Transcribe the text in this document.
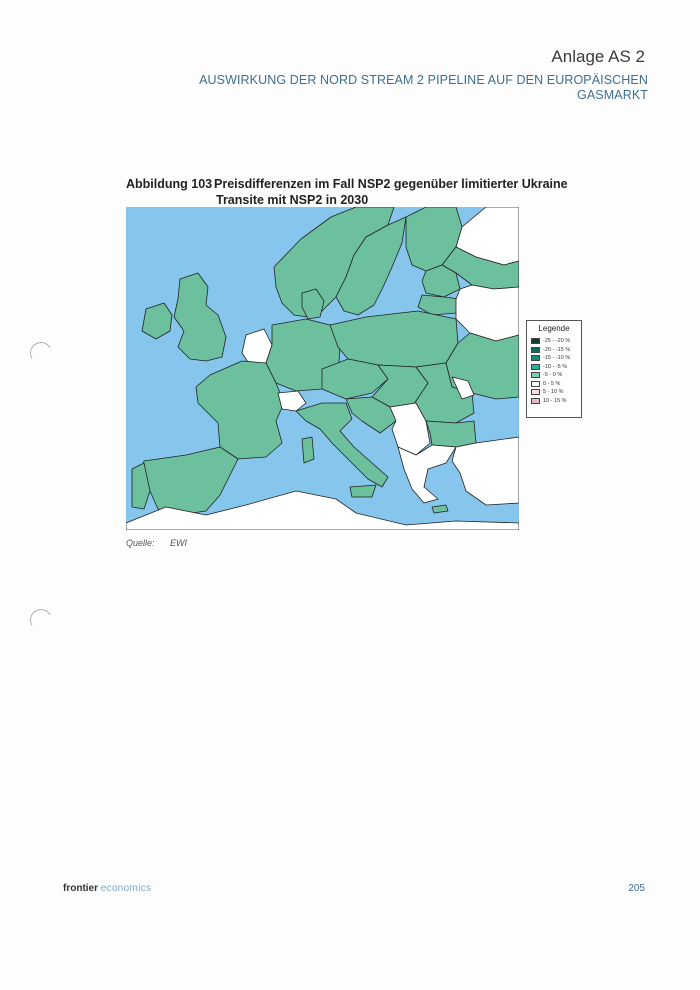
Anlage AS 2
AUSWIRKUNG DER NORD STREAM 2 PIPELINE AUF DEN EUROPÄISCHEN
GASMARKT
Abbildung 103 Preisdifferenzen im Fall NSP2 gegenüber limitierter Ukraine
Transite mit NSP2 in 2030
Legende
-25 - -20 %
-20 - -15 %
-15 - -10 %
-10 - -5 %
-5 - 0 %
0 - 5 %
5 - 10 %
10 - 15 %
Quelle: EWI
frontier economics	205
